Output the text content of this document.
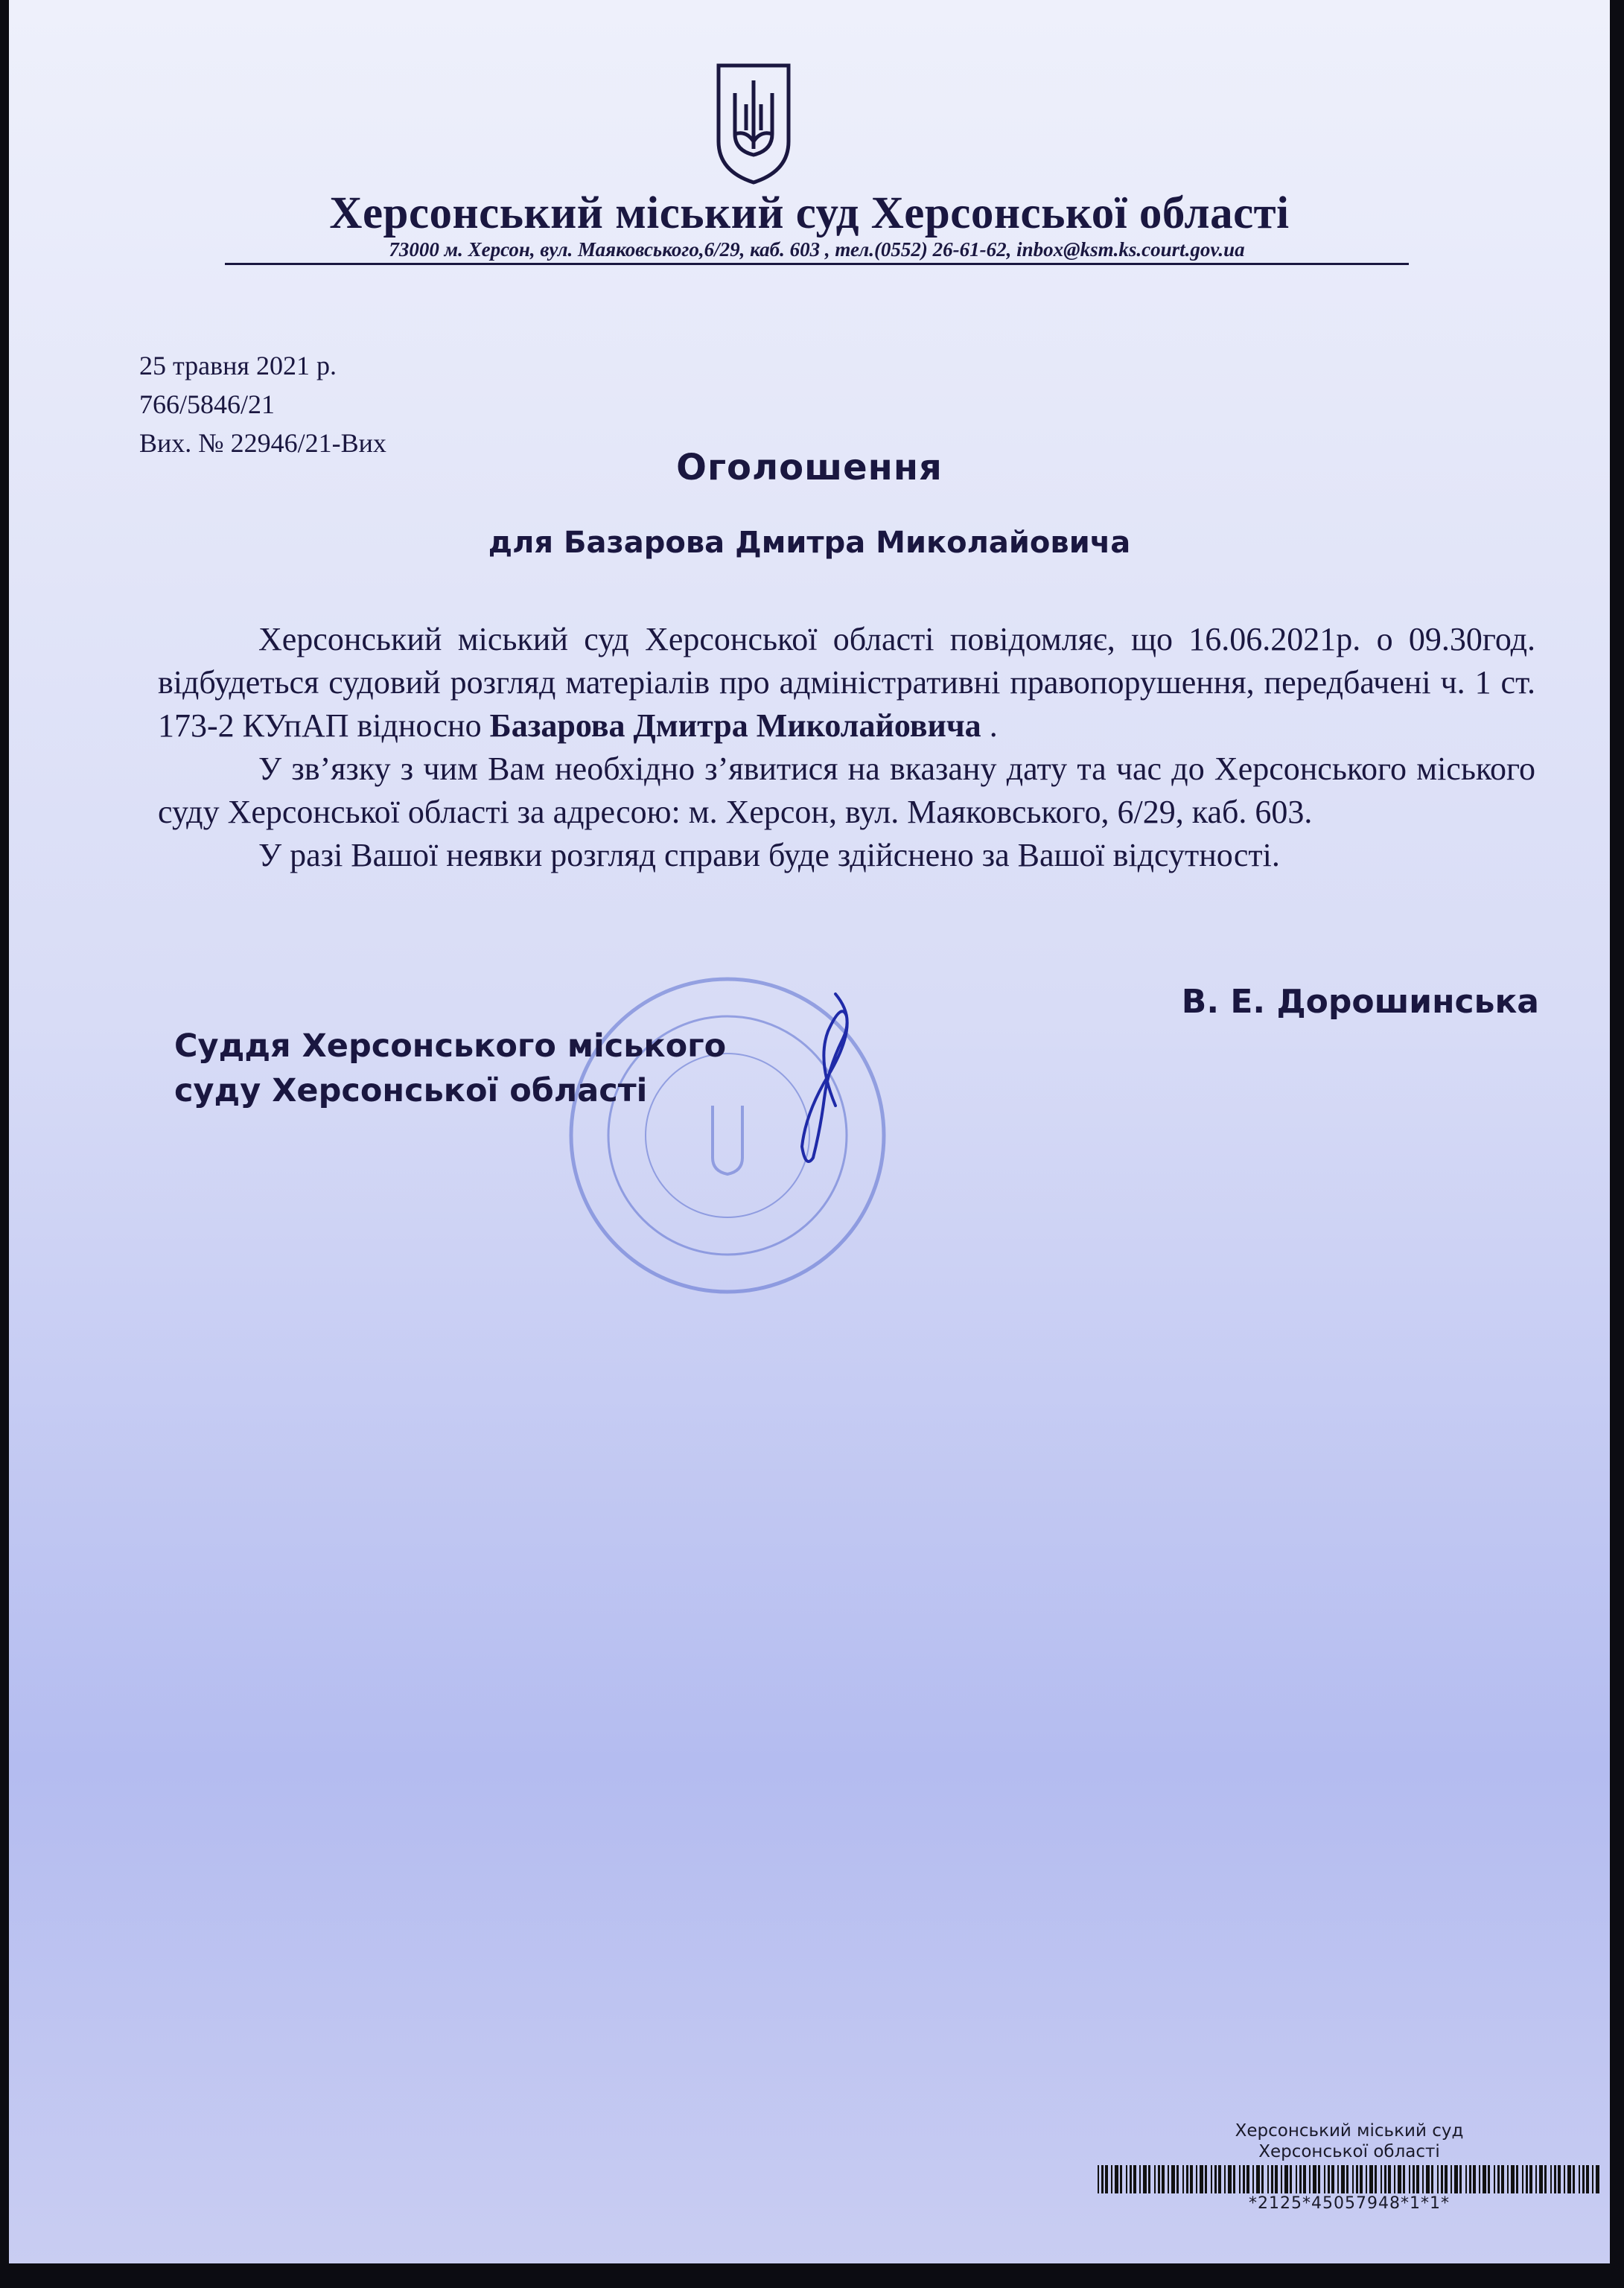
Херсонський міський суд Херсонської області
73000 м. Херсон, вул. Маяковського,6/29, каб. 603 , тел.(0552) 26-61-62, inbox@ksm.ks.court.gov.ua
25 травня 2021 р.
766/5846/21
Вих. № 22946/21-Вих
Оголошення
для Базарова Дмитра Миколайовича

Херсонський міський суд Херсонської області повідомляє, що 16.06.2021р. о 09.30год. відбудеться судовий розгляд матеріалів про адміністративні правопорушення, передбачені ч. 1 ст. 173-2 КУпАП відносно Базарова Дмитра Миколайовича .

У зв’язку з чим Вам необхідно з’явитися на вказану дату та час до Херсонського міського суду Херсонської області за адресою: м. Херсон, вул. Маяковського, 6/29, каб. 603.

У разі Вашої неявки розгляд справи буде здійснено за Вашої відсутності.

В. Е. Дорошинська
Суддя Херсонського міського
суду Херсонської області
Херсонський міський суд
Херсонської області
*2125*45057948*1*1*
